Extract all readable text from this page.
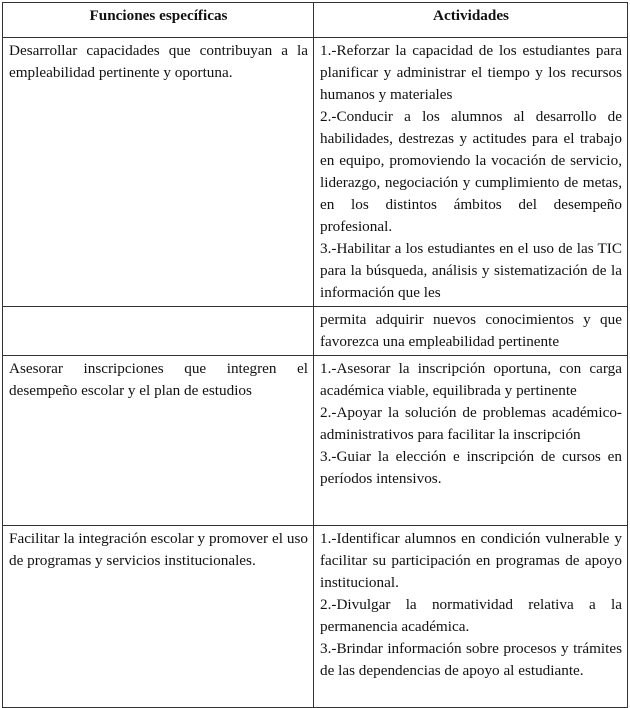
Funciones específicas	Actividades

Desarrollar capacidades que contribuyan a la empleabilidad pertinente y oportuna.	1.-Reforzar la capacidad de los estudiantes para planificar y administrar el tiempo y los recursos humanos y materiales
2.-Conducir a los alumnos al desarrollo de habilidades, destrezas y actitudes para el trabajo en equipo, promoviendo la vocación de servicio, liderazgo, negociación y cumplimiento de metas, en los distintos ámbitos del desempeño profesional.
3.-Habilitar a los estudiantes en el uso de las TIC para la búsqueda, análisis y sistematización de la información que les

	permita adquirir nuevos conocimientos y que favorezca una empleabilidad pertinente

Asesorar inscripciones que integren el desempeño escolar y el plan de estudios	1.-Asesorar la inscripción oportuna, con carga académica viable, equilibrada y pertinente
2.-Apoyar la solución de problemas académico-administrativos para facilitar la inscripción
3.-Guiar la elección e inscripción de cursos en períodos intensivos.

Facilitar la integración escolar y promover el uso de programas y servicios institucionales.	1.-Identificar alumnos en condición vulnerable y facilitar su participación en programas de apoyo institucional.
2.-Divulgar la normatividad relativa a la permanencia académica.
3.-Brindar información sobre procesos y trámites de las dependencias de apoyo al estudiante.
